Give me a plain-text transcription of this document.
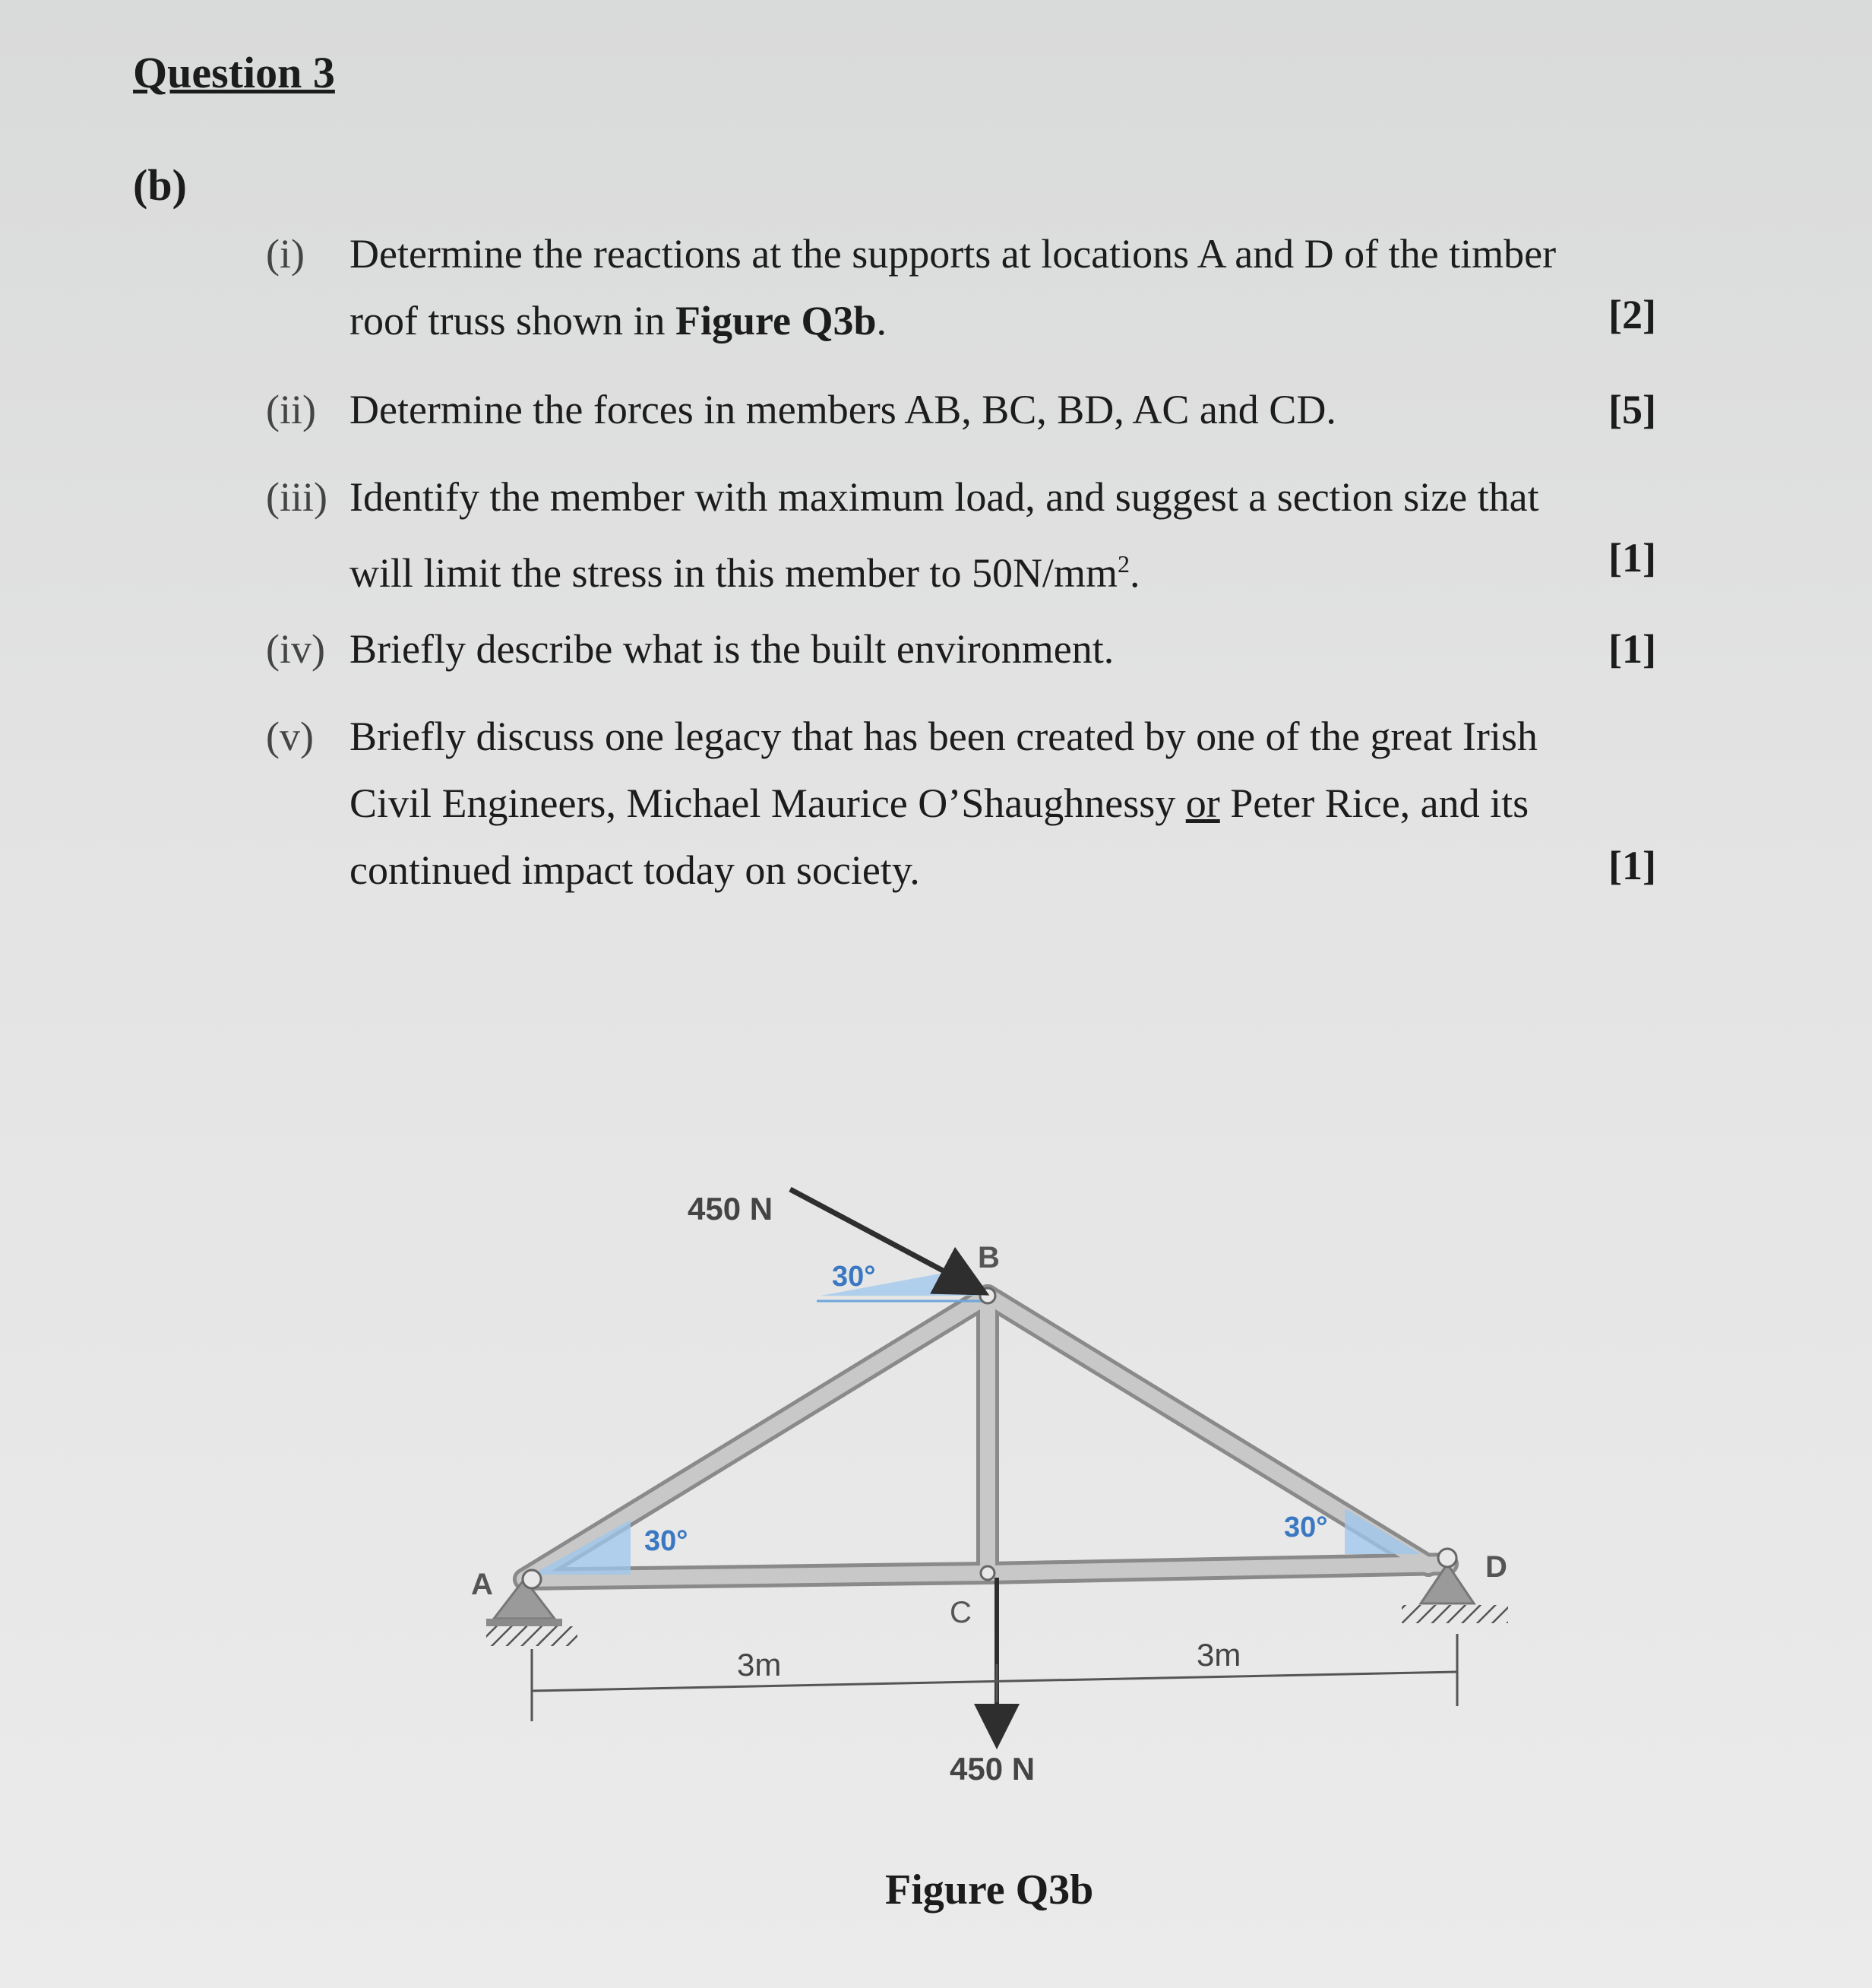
Question 3
(b)
(i) Determine the reactions at the supports at locations A and D of the timber
roof truss shown in Figure Q3b.	[2]
(ii) Determine the forces in members AB, BC, BD, AC and CD.	[5]
(iii) Identify the member with maximum load, and suggest a section size that
will limit the stress in this member to $50N/mm^2$.	[1]
(iv) Briefly describe what is the built environment.	[1]
(v) Briefly discuss one legacy that has been created by one of the great Irish
Civil Engineers, Michael Maurice O’Shaughnessy or Peter Rice, and its
continued impact today on society.	[1]
450 N
30°
B
30°	30°
A
D
C
3m	3m
450 N
Figure Q3b
